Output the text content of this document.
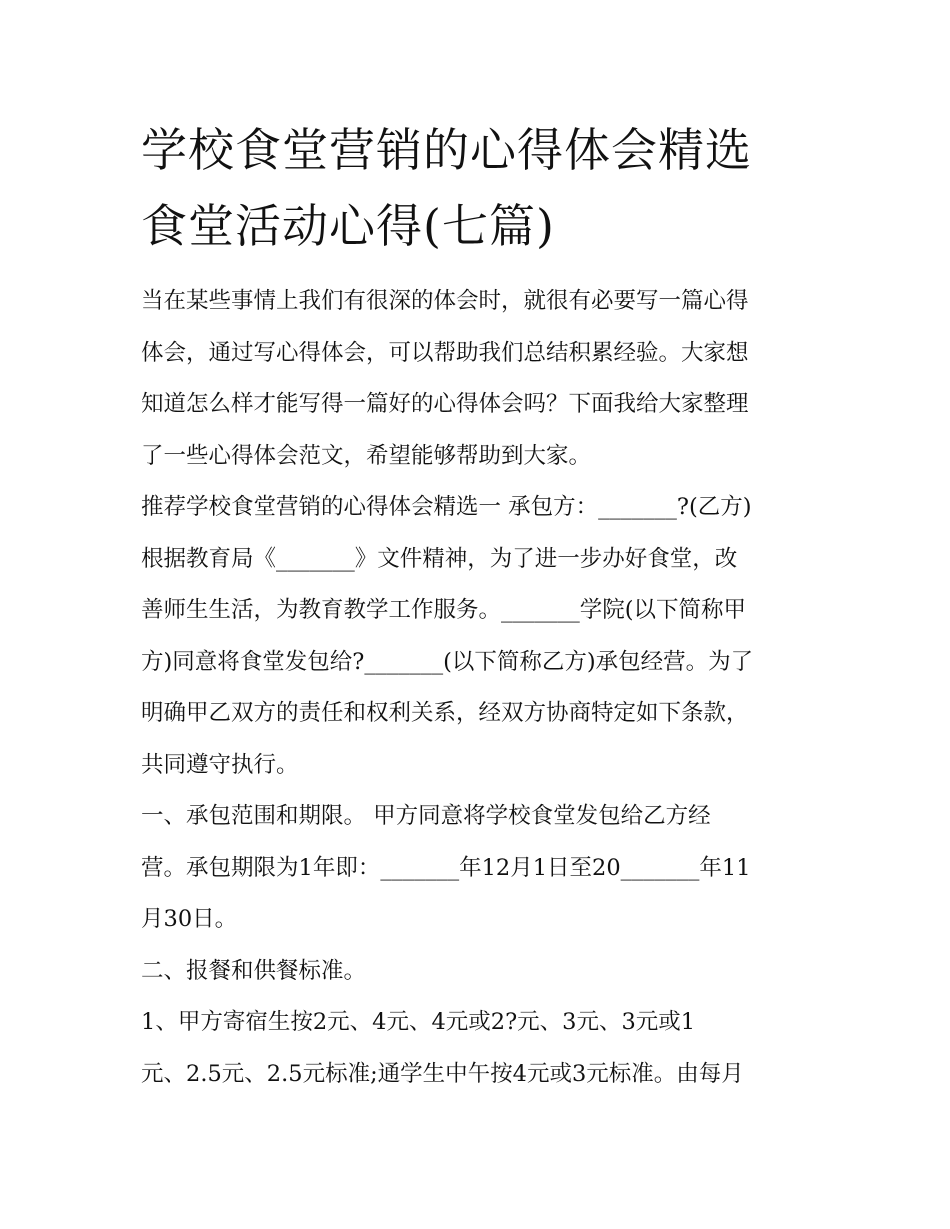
学校食堂营销的心得体会精选
食堂活动心得(七篇)
当在某些事情上我们有很深的体会时，就很有必要写一篇心得
体会，通过写心得体会，可以帮助我们总结积累经验。大家想
知道怎么样才能写得一篇好的心得体会吗？下面我给大家整理
了一些心得体会范文，希望能够帮助到大家。
推荐学校食堂营销的心得体会精选一 承包方：_______?(乙方)
根据教育局《_______》文件精神，为了进一步办好食堂，改
善师生生活，为教育教学工作服务。_______学院(以下简称甲
方)同意将食堂发包给?_______(以下简称乙方)承包经营。为了
明确甲乙双方的责任和权利关系，经双方协商特定如下条款，
共同遵守执行。
一、承包范围和期限。 甲方同意将学校食堂发包给乙方经
营。承包期限为1年即：_______年12月1日至20_______年11
月30日。
二、报餐和供餐标准。
1、甲方寄宿生按2元、4元、4元或2?元、3元、3元或1
元、2.5元、2.5元标准;通学生中午按4元或3元标准。由每月
